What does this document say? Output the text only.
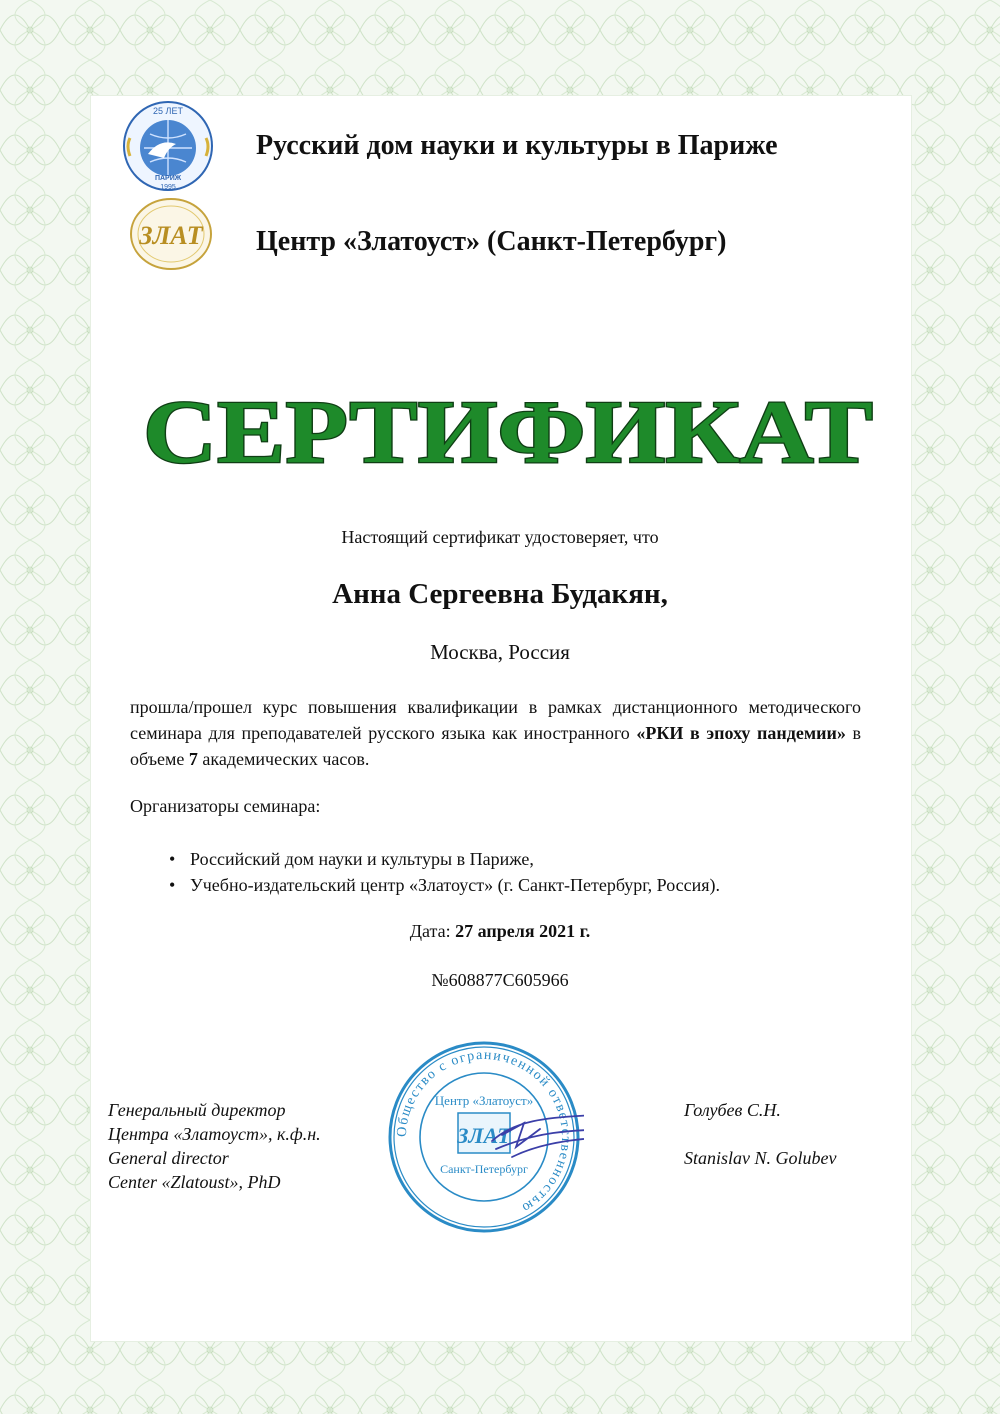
25 ЛЕТ
ПАРИЖ
1995
ЗЛАТ
Русский дом науки и культуры в Париже
Центр «Златоуст» (Санкт-Петербург)
СЕРТИФИКАТ
Настоящий сертификат удостоверяет, что
Анна Сергеевна Будакян,
Москва, Россия
прошла/прошел курс повышения квалификации в рамках дистанционного методического семинара для преподавателей русского языка как иностранного «РКИ в эпоху пандемии» в объеме 7 академических часов.
Организаторы семинара:
• Российский дом науки и культуры в Париже,
• Учебно-издательский центр «Златоуст» (г. Санкт-Петербург, Россия).
Дата: 27 апреля 2021 г.
№608877C605966
Генеральный директор
Центра «Златоуст», к.ф.н.
General director
Center «Zlatoust», PhD
Общество с ограниченной ответственностью
Центр «Златоуст»
ЗЛАТ
Санкт-Петербург
Голубев С.Н.
Stanislav N. Golubev
